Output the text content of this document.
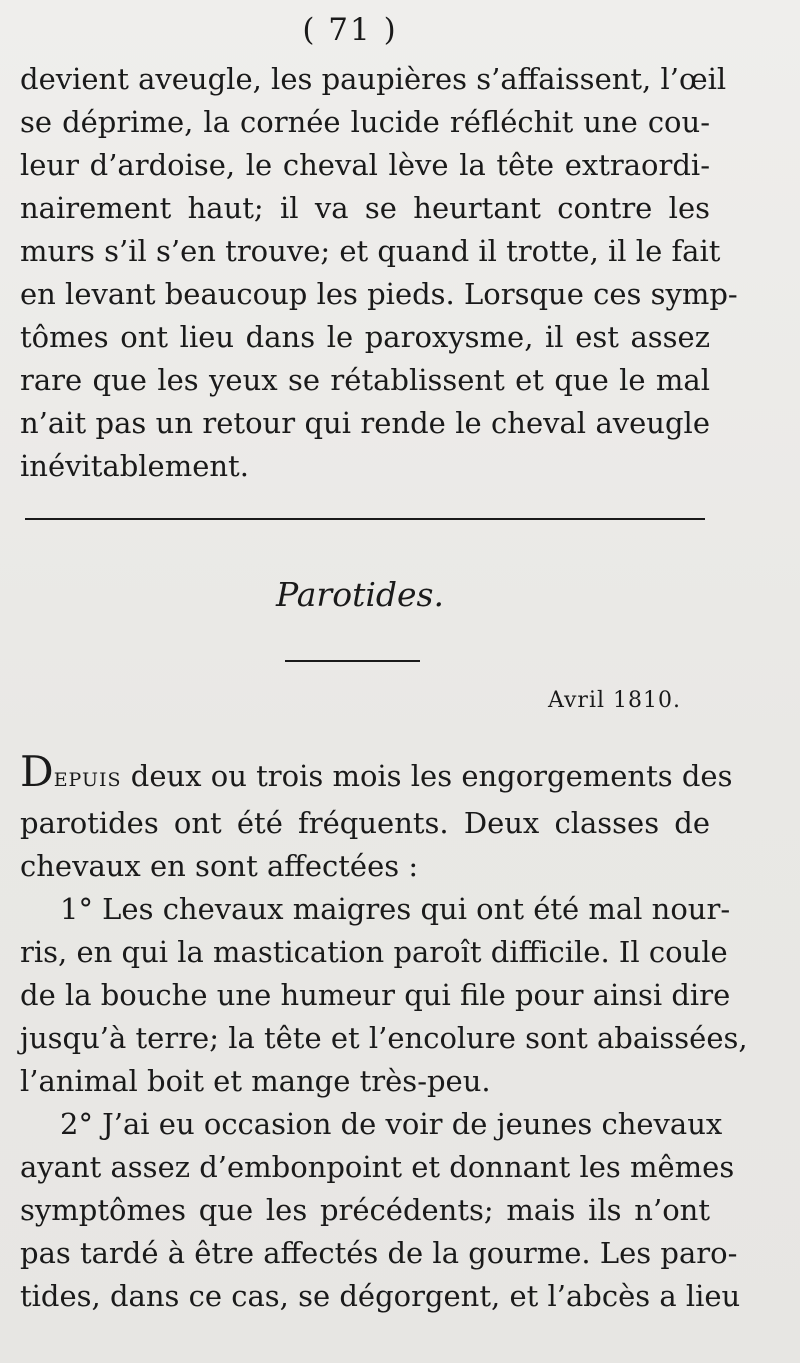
( 71 )
devient aveugle, les paupières s’affaissent, l’œil
se déprime, la cornée lucide réfléchit une cou-
leur d’ardoise, le cheval lève la tête extraordi-
nairement haut; il va se heurtant contre les
murs s’il s’en trouve; et quand il trotte, il le fait
en levant beaucoup les pieds. Lorsque ces symp-
tômes ont lieu dans le paroxysme, il est assez
rare que les yeux se rétablissent et que le mal
n’ait pas un retour qui rende le cheval aveugle
inévitablement.
Parotides.
Avril 1810.
DEPUIS deux ou trois mois les engorgements des
parotides ont été fréquents. Deux classes de
chevaux en sont affectées :
1° Les chevaux maigres qui ont été mal nour-
ris, en qui la mastication paroît difficile. Il coule
de la bouche une humeur qui file pour ainsi dire
jusqu’à terre; la tête et l’encolure sont abaissées,
l’animal boit et mange très-peu.
2° J’ai eu occasion de voir de jeunes chevaux
ayant assez d’embonpoint et donnant les mêmes
symptômes que les précédents; mais ils n’ont
pas tardé à être affectés de la gourme. Les paro-
tides, dans ce cas, se dégorgent, et l’abcès a lieu
